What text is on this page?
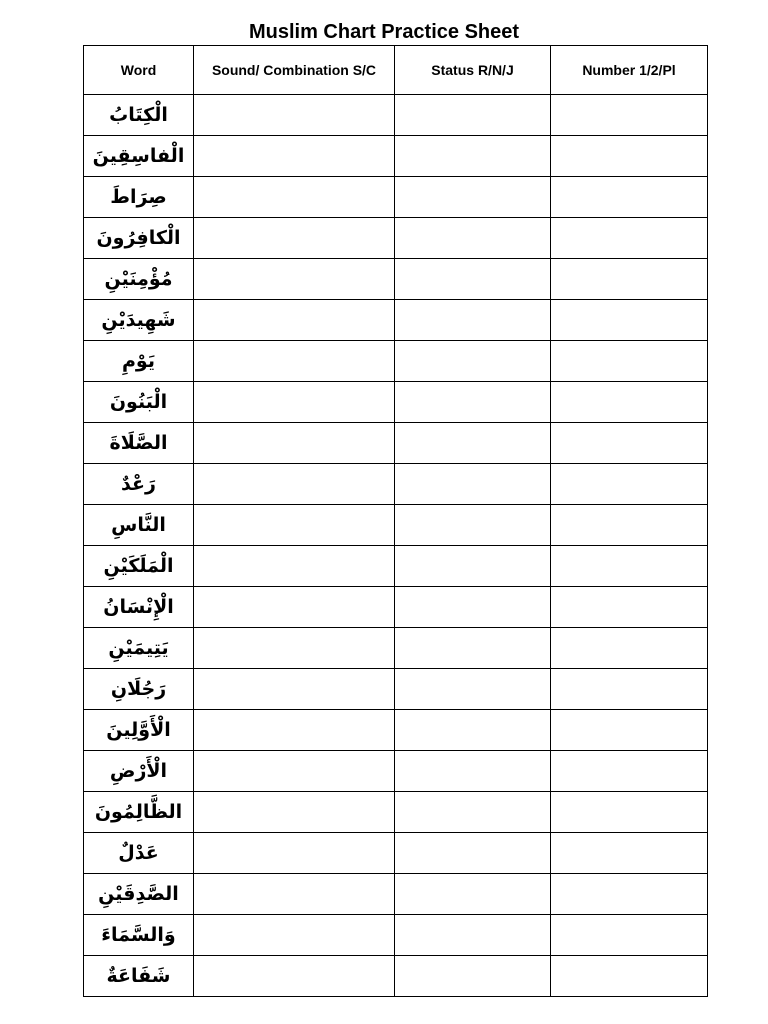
Muslim Chart Practice Sheet
Word	Sound/ Combination S/C	Status R/N/J	Number 1/2/Pl
الْكِتَابُ			
الْفاسِقِينَ			
صِرَاطَ			
الْكافِرُونَ			
مُؤْمِنَيْنِ			
شَهِيدَيْنِ			
يَوْمِ			
الْبَنُونَ			
الصَّلَاةَ			
رَعْدٌ			
النَّاسِ			
الْمَلَكَيْنِ			
الْإِنْسَانُ			
يَتِيمَيْنِ			
رَجُلَانِ			
الْأَوَّلِينَ			
الْأَرْضِ			
الظَّالِمُونَ			
عَدْلٌ			
الصَّدِقَيْنِ			
وَالسَّمَاءَ			
شَفَاعَةٌ			
